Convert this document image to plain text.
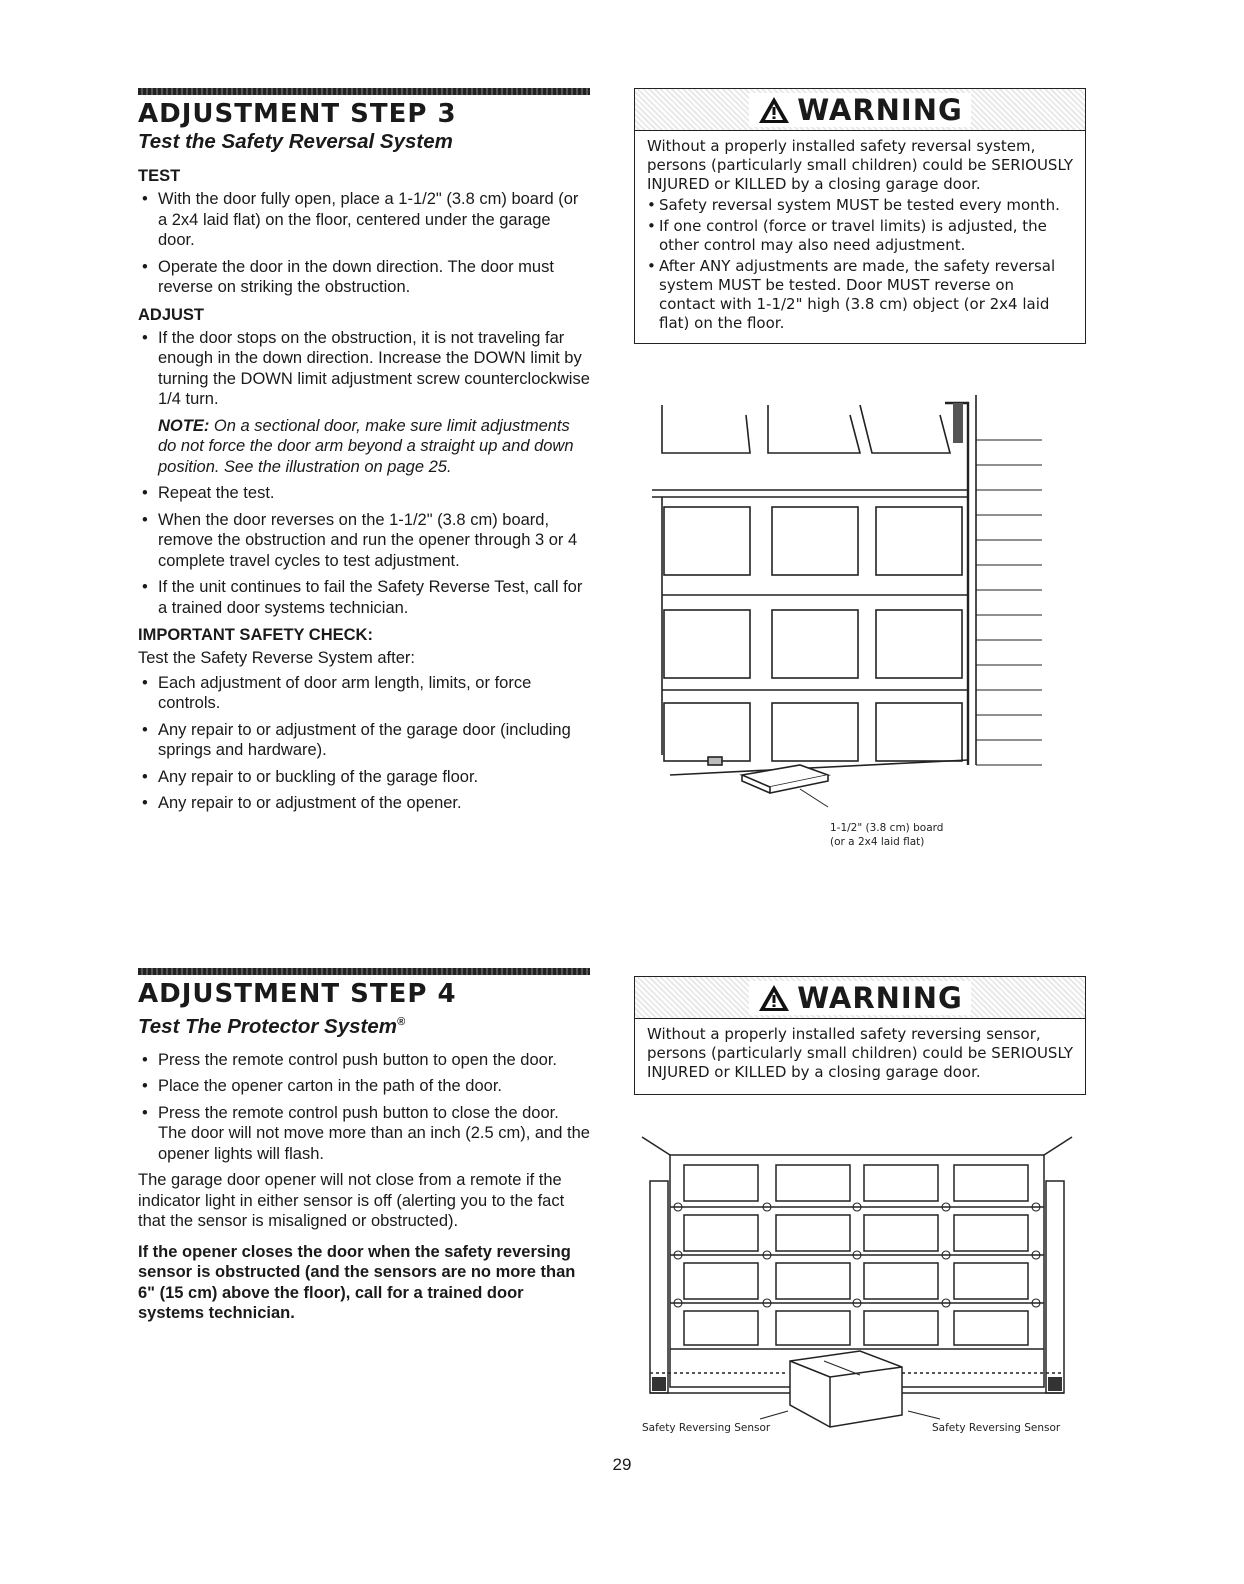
ADJUSTMENT STEP 3
Test the Safety Reversal System
TEST
• With the door fully open, place a 1-1/2" (3.8 cm) board (or a 2x4 laid flat) on the floor, centered under the garage door.
• Operate the door in the down direction. The door must reverse on striking the obstruction.
ADJUST
• If the door stops on the obstruction, it is not traveling far enough in the down direction. Increase the DOWN limit by turning the DOWN limit adjustment screw counterclockwise 1/4 turn.
NOTE: On a sectional door, make sure limit adjustments do not force the door arm beyond a straight up and down position. See the illustration on page 25.
• Repeat the test.
• When the door reverses on the 1-1/2" (3.8 cm) board, remove the obstruction and run the opener through 3 or 4 complete travel cycles to test adjustment.
• If the unit continues to fail the Safety Reverse Test, call for a trained door systems technician.
IMPORTANT SAFETY CHECK:
Test the Safety Reverse System after:
• Each adjustment of door arm length, limits, or force controls.
• Any repair to or adjustment of the garage door (including springs and hardware).
• Any repair to or buckling of the garage floor.
• Any repair to or adjustment of the opener.
ADJUSTMENT STEP 4
Test The Protector System®
• Press the remote control push button to open the door.
• Place the opener carton in the path of the door.
• Press the remote control push button to close the door. The door will not move more than an inch (2.5 cm), and the opener lights will flash.
The garage door opener will not close from a remote if the indicator light in either sensor is off (alerting you to the fact that the sensor is misaligned or obstructed).
If the opener closes the door when the safety reversing sensor is obstructed (and the sensors are no more than 6" (15 cm) above the floor), call for a trained door systems technician.
WARNING

Without a properly installed safety reversal system, persons (particularly small children) could be SERIOUSLY INJURED or KILLED by a closing garage door.

• Safety reversal system MUST be tested every month.
• If one control (force or travel limits) is adjusted, the other control may also need adjustment.
• After ANY adjustments are made, the safety reversal system MUST be tested. Door MUST reverse on contact with 1-1/2" high (3.8 cm) object (or 2x4 laid flat) on the floor.
1-1/2" (3.8 cm) board
(or a 2x4 laid flat)
WARNING

Without a properly installed safety reversing sensor, persons (particularly small children) could be SERIOUSLY INJURED or KILLED by a closing garage door.

Safety Reversing Sensor	Safety Reversing Sensor
29
